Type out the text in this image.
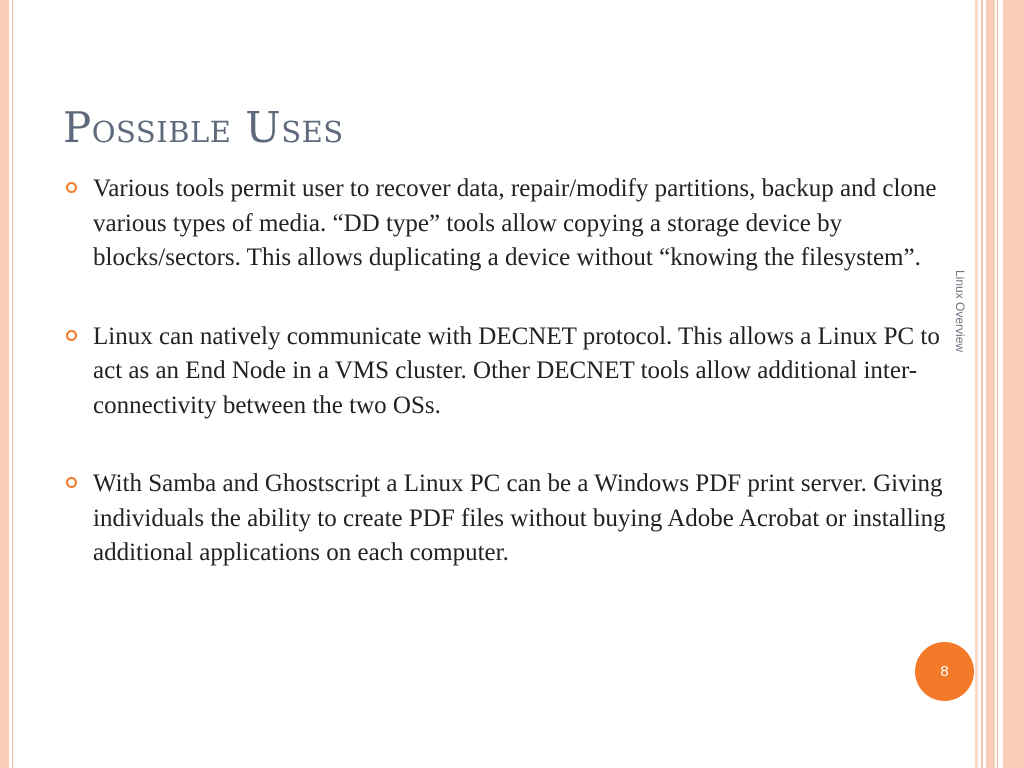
Possible Uses
Various tools permit user to recover data, repair/modify partitions, backup and clone various types of media. “DD type” tools allow copying a storage device by blocks/sectors. This allows duplicating a device without “knowing the filesystem”.
Linux can natively communicate with DECNET protocol. This allows a Linux PC to act as an End Node in a VMS cluster. Other DECNET tools allow additional inter-connectivity between the two OSs.
With Samba and Ghostscript a Linux PC can be a Windows PDF print server. Giving individuals the ability to create PDF files without buying Adobe Acrobat or installing additional applications on each computer.
Linux Overview
8
